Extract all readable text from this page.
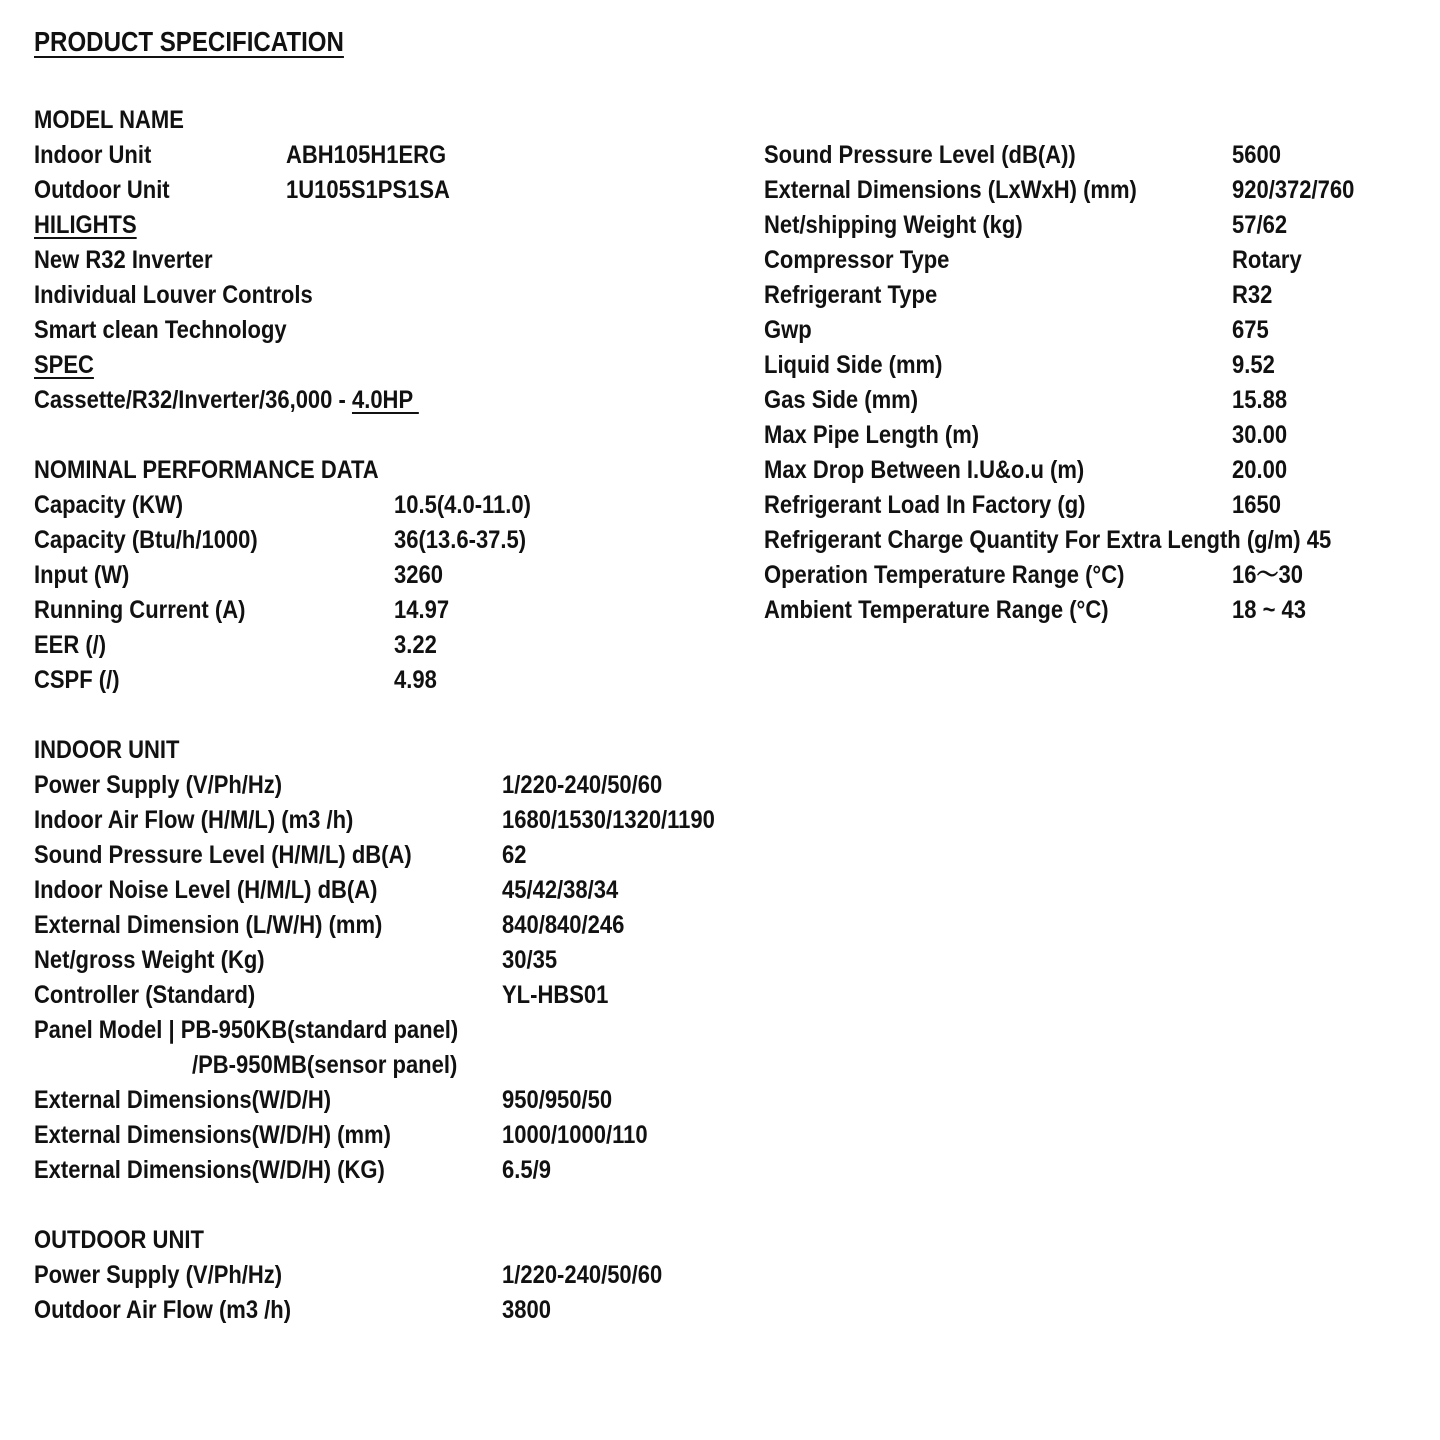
PRODUCT SPECIFICATION
MODEL NAME
Indoor Unit	ABH105H1ERG
Outdoor Unit	1U105S1PS1SA
HILIGHTS
New R32 Inverter
Individual Louver Controls
Smart clean Technology
SPEC
Cassette/R32/Inverter/36,000 - 4.0HP
NOMINAL PERFORMANCE DATA
Capacity (KW)	10.5(4.0-11.0)
Capacity (Btu/h/1000)	36(13.6-37.5)
Input (W)	3260
Running Current (A)	14.97
EER (/)	3.22
CSPF (/)	4.98
INDOOR UNIT
Power Supply (V/Ph/Hz)	1/220-240/50/60
Indoor Air Flow (H/M/L) (m3 /h)	1680/1530/1320/1190
Sound Pressure Level (H/M/L) dB(A)	62
Indoor Noise Level (H/M/L) dB(A)	45/42/38/34
External Dimension (L/W/H) (mm)	840/840/246
Net/gross Weight (Kg)	30/35
Controller (Standard)	YL-HBS01
Panel Model | PB-950KB(standard panel)
/PB-950MB(sensor panel)
External Dimensions(W/D/H)	950/950/50
External Dimensions(W/D/H) (mm)	1000/1000/110
External Dimensions(W/D/H) (KG)	6.5/9
OUTDOOR UNIT
Power Supply (V/Ph/Hz)	1/220-240/50/60
Outdoor Air Flow (m3 /h)	3800
Sound Pressure Level (dB(A))	5600
External Dimensions (LxWxH) (mm)	920/372/760
Net/shipping Weight (kg)	57/62
Compressor Type	Rotary
Refrigerant Type	R32
Gwp	675
Liquid Side (mm)	9.52
Gas Side (mm)	15.88
Max Pipe Length (m)	30.00
Max Drop Between I.U&o.u (m)	20.00
Refrigerant Load In Factory (g)	1650
Refrigerant Charge Quantity For Extra Length (g/m) 45
Operation Temperature Range (°C)	16〜30
Ambient Temperature Range (°C)	18 ~ 43
